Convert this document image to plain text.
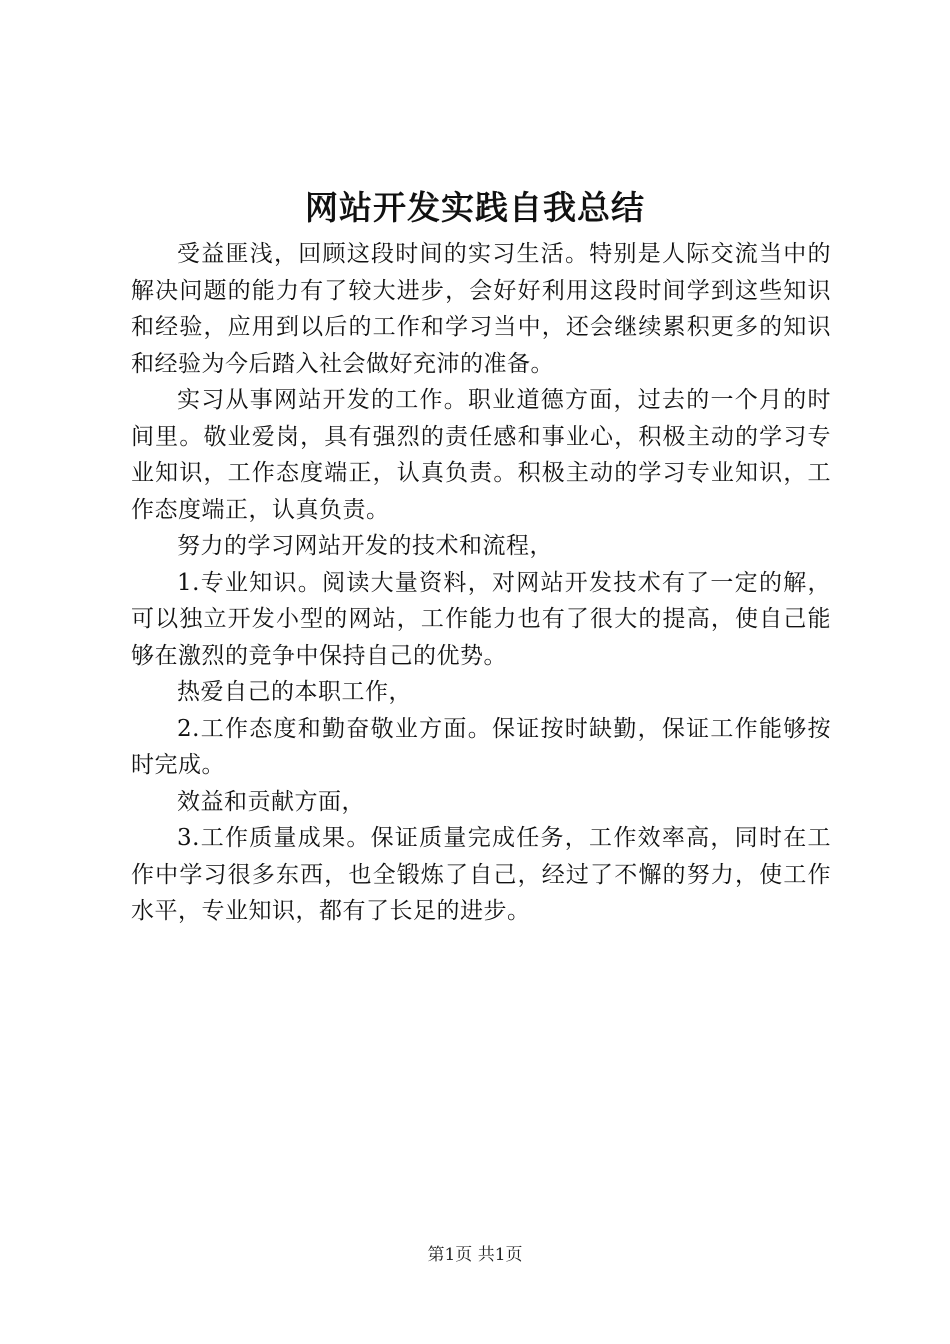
网站开发实践自我总结

受益匪浅，回顾这段时间的实习生活。特别是人际交流当中的解决问题的能力有了较大进步，会好好利用这段时间学到这些知识和经验，应用到以后的工作和学习当中，还会继续累积更多的知识和经验为今后踏入社会做好充沛的准备。

实习从事网站开发的工作。职业道德方面，过去的一个月的时间里。敬业爱岗，具有强烈的责任感和事业心，积极主动的学习专业知识，工作态度端正，认真负责。积极主动的学习专业知识，工作态度端正，认真负责。

努力的学习网站开发的技术和流程，

1.专业知识。阅读大量资料，对网站开发技术有了一定的解，可以独立开发小型的网站，工作能力也有了很大的提高，使自己能够在激烈的竞争中保持自己的优势。

热爱自己的本职工作，

2.工作态度和勤奋敬业方面。保证按时缺勤，保证工作能够按时完成。

效益和贡献方面，

3.工作质量成果。保证质量完成任务，工作效率高，同时在工作中学习很多东西，也全锻炼了自己，经过了不懈的努力，使工作水平，专业知识，都有了长足的进步。

第1页 共1页
